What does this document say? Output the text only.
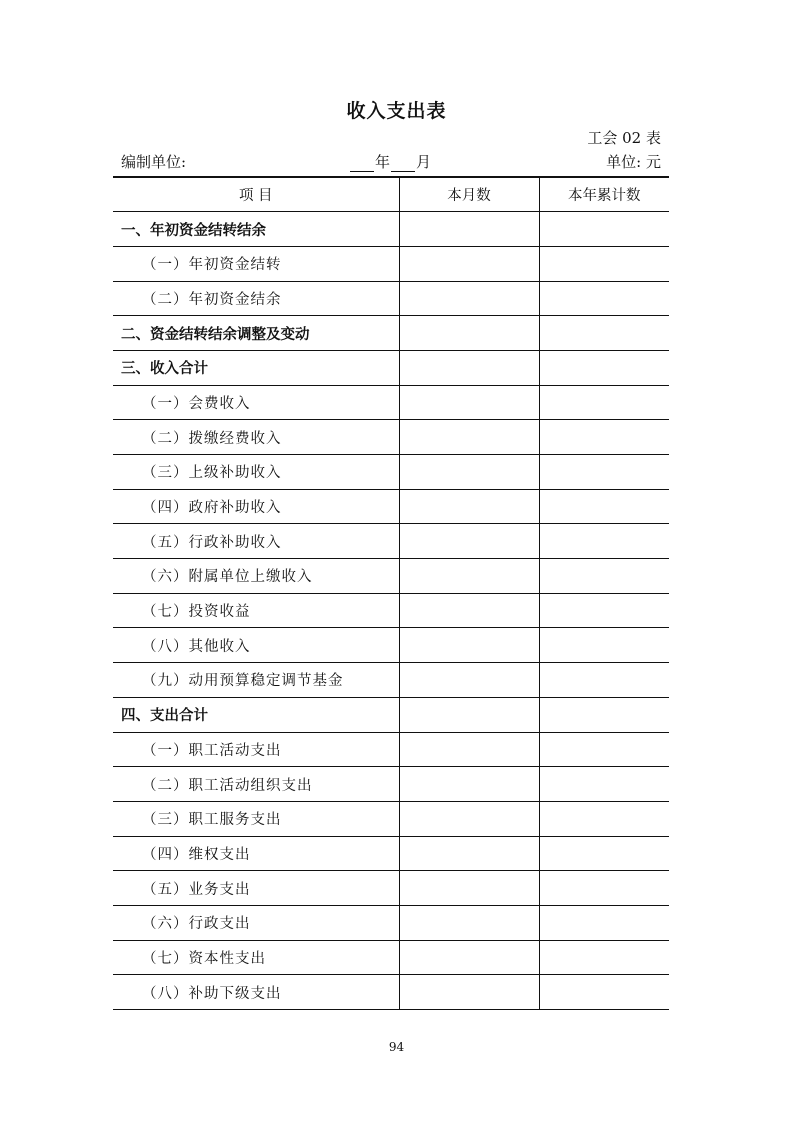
收入支出表
工会 02 表
编制单位:	年 月	单位: 元
项 目	本月数	本年累计数
一、年初资金结转结余		
（一）年初资金结转		
（二）年初资金结余		
二、资金结转结余调整及变动		
三、收入合计		
（一）会费收入		
（二）拨缴经费收入		
（三）上级补助收入		
（四）政府补助收入		
（五）行政补助收入		
（六）附属单位上缴收入		
（七）投资收益		
（八）其他收入		
（九）动用预算稳定调节基金		
四、支出合计		
（一）职工活动支出		
（二）职工活动组织支出		
（三）职工服务支出		
（四）维权支出		
（五）业务支出		
（六）行政支出		
（七）资本性支出		
（八）补助下级支出		
94
